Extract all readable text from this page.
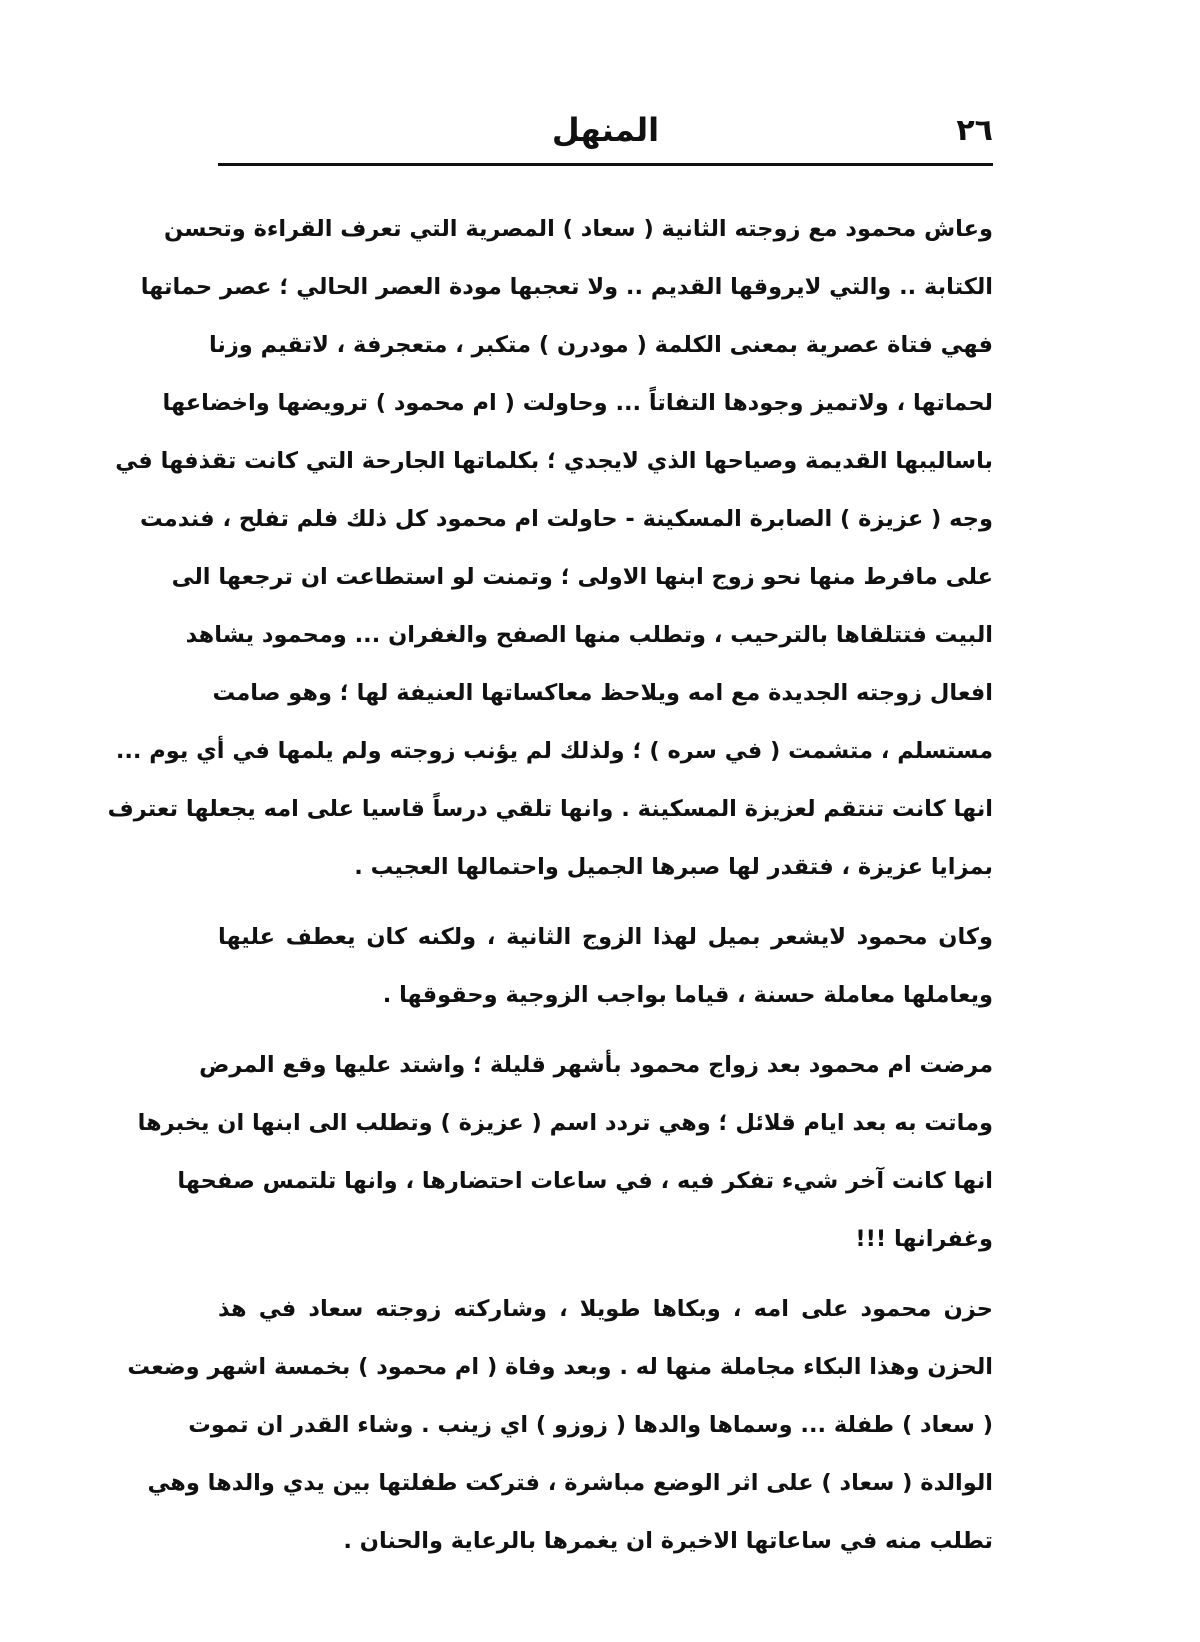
٢٦
المنهل
وعاش محمود مع زوجته الثانية ( سعاد ) المصرية التي تعرف القراءة وتحسن
الكتابة .. والتي لايروقها القديم .. ولا تعجبها مودة العصر الحالي ؛ عصر حماتها
فهي فتاة عصرية بمعنى الكلمة ( مودرن ) متكبر ، متعجرفة ، لاتقيم وزنا
لحماتها ، ولاتميز وجودها التفاتاً ... وحاولت ( ام محمود ) ترويضها واخضاعها
باساليبها القديمة وصياحها الذي لايجدي ؛ بكلماتها الجارحة التي كانت تقذفها في
وجه ( عزيزة ) الصابرة المسكينة - حاولت ام محمود كل ذلك فلم تفلح ، فندمت
على مافرط منها نحو زوج ابنها الاولى ؛ وتمنت لو استطاعت ان ترجعها الى
البيت فتتلقاها بالترحيب ، وتطلب منها الصفح والغفران ... ومحمود يشاهد
افعال زوجته الجديدة مع امه ويلاحظ معاكساتها العنيفة لها ؛ وهو صامت
مستسلم ، متشمت ( في سره ) ؛ ولذلك لم يؤنب زوجته ولم يلمها في أي يوم ...
انها كانت تنتقم لعزيزة المسكينة . وانها تلقي درساً قاسيا على امه يجعلها تعترف
بمزايا عزيزة ، فتقدر لها صبرها الجميل واحتمالها العجيب .
وكان محمود لايشعر بميل لهذا الزوج الثانية ، ولكنه كان يعطف عليها
ويعاملها معاملة حسنة ، قياما بواجب الزوجية وحقوقها .
مرضت ام محمود بعد زواج محمود بأشهر قليلة ؛ واشتد عليها وقع المرض
وماتت به بعد ايام قلائل ؛ وهي تردد اسم ( عزيزة ) وتطلب الى ابنها ان يخبرها
انها كانت آخر شيء تفكر فيه ، في ساعات احتضارها ، وانها تلتمس صفحها
وغفرانها !!!
حزن محمود على امه ، وبكاها طويلا ، وشاركته زوجته سعاد في هذ
الحزن وهذا البكاء مجاملة منها له . وبعد وفاة ( ام محمود ) بخمسة اشهر وضعت
( سعاد ) طفلة ... وسماها والدها ( زوزو ) اي زينب . وشاء القدر ان تموت
الوالدة ( سعاد ) على اثر الوضع مباشرة ، فتركت طفلتها بين يدي والدها وهي
تطلب منه في ساعاتها الاخيرة ان يغمرها بالرعاية والحنان .
